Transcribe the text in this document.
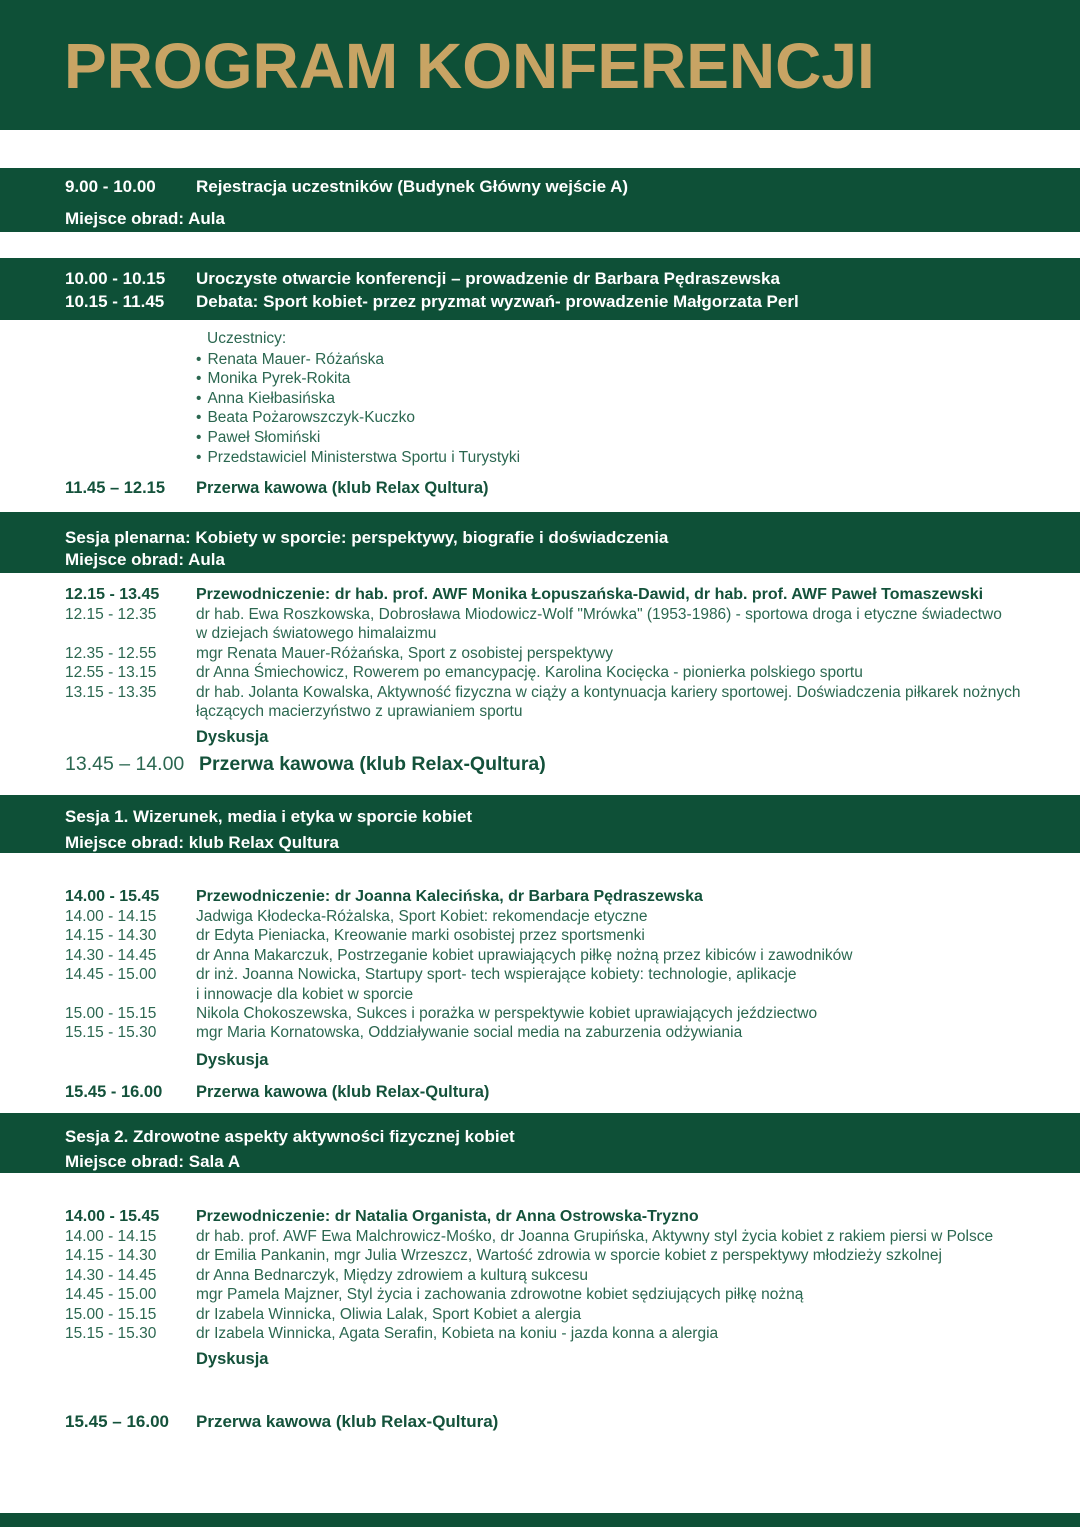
PROGRAM KONFERENCJI
9.00 - 10.00	Rejestracja uczestników (Budynek Główny wejście A)
Miejsce obrad: Aula
10.00 - 10.15	Uroczyste otwarcie konferencji – prowadzenie dr Barbara Pędraszewska
10.15 - 11.45	Debata: Sport kobiet- przez pryzmat wyzwań- prowadzenie Małgorzata Perl
Uczestnicy:
• Renata Mauer- Różańska
• Monika Pyrek-Rokita
• Anna Kiełbasińska
• Beata Pożarowszczyk-Kuczko
• Paweł Słomiński
• Przedstawiciel Ministerstwa Sportu i Turystyki
11.45 – 12.15	Przerwa kawowa (klub Relax Qultura)
Sesja plenarna: Kobiety w sporcie: perspektywy, biografie i doświadczenia
Miejsce obrad: Aula
12.15 - 13.45	Przewodniczenie: dr hab. prof. AWF Monika Łopuszańska-Dawid, dr hab. prof. AWF Paweł Tomaszewski
12.15 - 12.35	dr hab. Ewa Roszkowska, Dobrosława Miodowicz-Wolf "Mrówka" (1953-1986) - sportowa droga i etyczne świadectwo
w dziejach światowego himalaizmu
12.35 - 12.55	mgr Renata Mauer-Różańska, Sport z osobistej perspektywy
12.55 - 13.15	dr Anna Śmiechowicz, Rowerem po emancypację. Karolina Kocięcka - pionierka polskiego sportu
13.15 - 13.35	dr hab. Jolanta Kowalska, Aktywność fizyczna w ciąży a kontynuacja kariery sportowej. Doświadczenia piłkarek nożnych
łączących macierzyństwo z uprawianiem sportu
Dyskusja
13.45 – 14.00 Przerwa kawowa (klub Relax-Qultura)
Sesja 1. Wizerunek, media i etyka w sporcie kobiet
Miejsce obrad: klub Relax Qultura
14.00 - 15.45	Przewodniczenie: dr Joanna Kalecińska, dr Barbara Pędraszewska
14.00 - 14.15	Jadwiga Kłodecka-Różalska, Sport Kobiet: rekomendacje etyczne
14.15 - 14.30	dr Edyta Pieniacka, Kreowanie marki osobistej przez sportsmenki
14.30 - 14.45	dr Anna Makarczuk, Postrzeganie kobiet uprawiających piłkę nożną przez kibiców i zawodników
14.45 - 15.00	dr inż. Joanna Nowicka, Startupy sport- tech wspierające kobiety: technologie, aplikacje
i innowacje dla kobiet w sporcie
15.00 - 15.15	Nikola Chokoszewska, Sukces i porażka w perspektywie kobiet uprawiających jeździectwo
15.15 - 15.30	mgr Maria Kornatowska, Oddziaływanie social media na zaburzenia odżywiania
Dyskusja
15.45 - 16.00	Przerwa kawowa (klub Relax-Qultura)
Sesja 2. Zdrowotne aspekty aktywności fizycznej kobiet
Miejsce obrad: Sala A
14.00 - 15.45	Przewodniczenie: dr Natalia Organista, dr Anna Ostrowska-Tryzno
14.00 - 14.15	dr hab. prof. AWF Ewa Malchrowicz-Mośko, dr Joanna Grupińska, Aktywny styl życia kobiet z rakiem piersi w Polsce
14.15 - 14.30	dr Emilia Pankanin, mgr Julia Wrzeszcz, Wartość zdrowia w sporcie kobiet z perspektywy młodzieży szkolnej
14.30 - 14.45	dr Anna Bednarczyk, Między zdrowiem a kulturą sukcesu
14.45 - 15.00	mgr Pamela Majzner, Styl życia i zachowania zdrowotne kobiet sędziujących piłkę nożną
15.00 - 15.15	dr Izabela Winnicka, Oliwia Lalak, Sport Kobiet a alergia
15.15 - 15.30	dr Izabela Winnicka, Agata Serafin, Kobieta na koniu - jazda konna a alergia
Dyskusja
15.45 – 16.00	Przerwa kawowa (klub Relax-Qultura)
